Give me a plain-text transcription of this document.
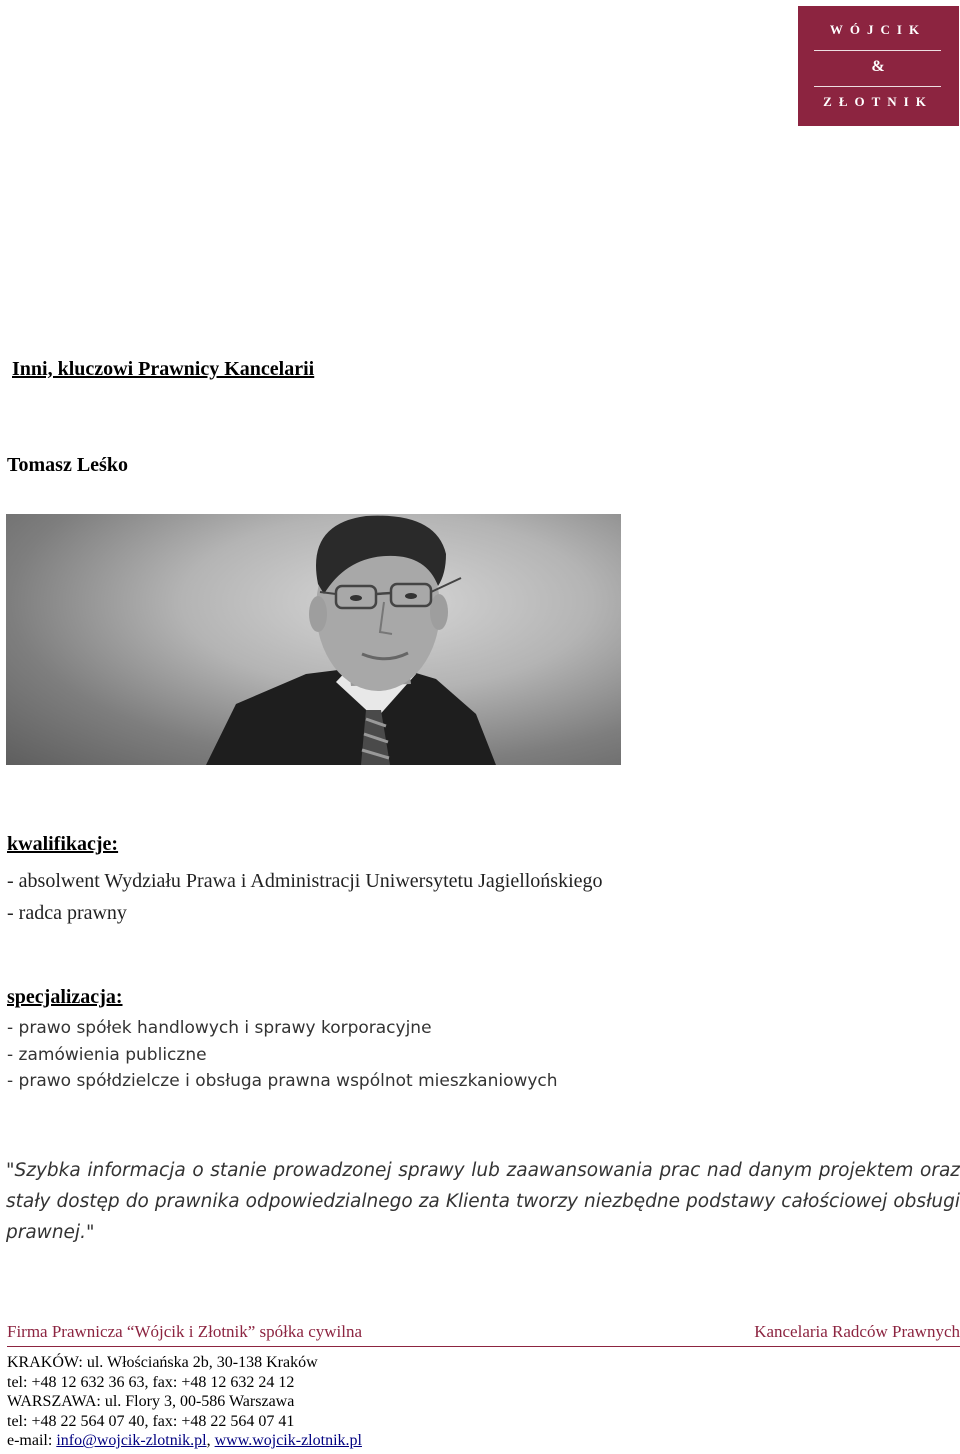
WÓJCIK
&
ZŁOTNIK
Inni, kluczowi Prawnicy Kancelarii
Tomasz Leśko
kwalifikacje:
- absolwent Wydziału Prawa i Administracji Uniwersytetu Jagiellońskiego
- radca prawny
specjalizacja:
- prawo spółek handlowych i sprawy korporacyjne
- zamówienia publiczne
- prawo spółdzielcze i obsługa prawna wspólnot mieszkaniowych
"Szybka informacja o stanie prowadzonej sprawy lub zaawansowania prac nad danym projektem oraz stały dostęp do prawnika odpowiedzialnego za Klienta tworzy niezbędne podstawy całościowej obsługi prawnej."
Firma Prawnicza “Wójcik i Złotnik” spółka cywilna	Kancelaria Radców Prawnych
KRAKÓW: ul. Włościańska 2b, 30-138 Kraków
tel: +48 12 632 36 63, fax: +48 12 632 24 12
WARSZAWA: ul. Flory 3, 00-586 Warszawa
tel: +48 22 564 07 40, fax: +48 22 564 07 41
e-mail: info@wojcik-zlotnik.pl, www.wojcik-zlotnik.pl
